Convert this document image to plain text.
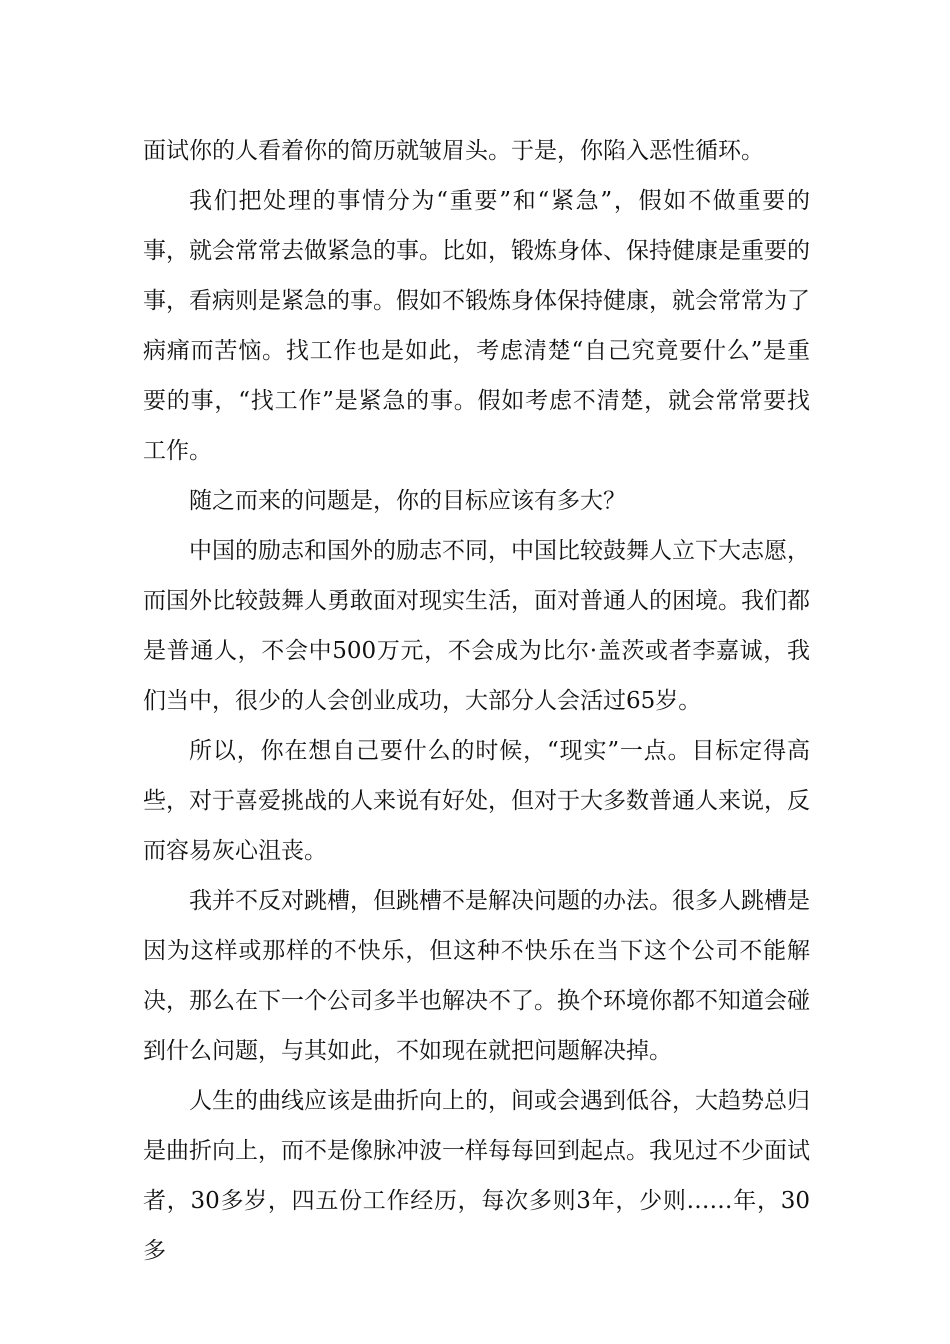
面试你的人看着你的简历就皱眉头。于是，你陷入恶性循环。

我们把处理的事情分为“重要”和“紧急”，假如不做重要的事，就会常常去做紧急的事。比如，锻炼身体、保持健康是重要的事，看病则是紧急的事。假如不锻炼身体保持健康，就会常常为了病痛而苦恼。找工作也是如此，考虑清楚“自己究竟要什么”是重要的事，“找工作”是紧急的事。假如考虑不清楚，就会常常要找工作。

随之而来的问题是，你的目标应该有多大？

中国的励志和国外的励志不同，中国比较鼓舞人立下大志愿，而国外比较鼓舞人勇敢面对现实生活，面对普通人的困境。我们都是普通人，不会中500万元，不会成为比尔·盖茨或者李嘉诚，我们当中，很少的人会创业成功，大部分人会活过65岁。

所以，你在想自己要什么的时候，“现实”一点。目标定得高些，对于喜爱挑战的人来说有好处，但对于大多数普通人来说，反而容易灰心沮丧。

我并不反对跳槽，但跳槽不是解决问题的办法。很多人跳槽是因为这样或那样的不快乐，但这种不快乐在当下这个公司不能解决，那么在下一个公司多半也解决不了。换个环境你都不知道会碰到什么问题，与其如此，不如现在就把问题解决掉。

人生的曲线应该是曲折向上的，间或会遇到低谷，大趋势总归是曲折向上，而不是像脉冲波一样每每回到起点。我见过不少面试者，30多岁，四五份工作经历，每次多则3年，少则……年，30多
